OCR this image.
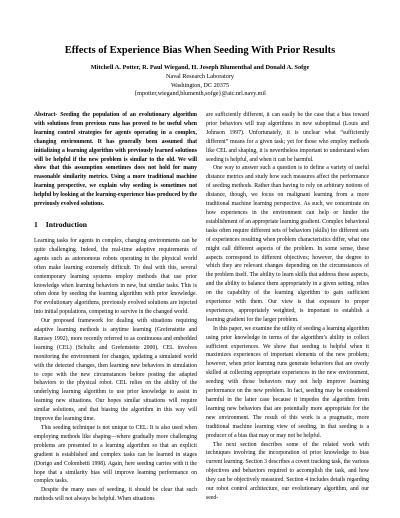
Effects of Experience Bias When Seeding With Prior Results
Mitchell A. Potter, R. Paul Wiegand, H. Joseph Blumenthal and Donald A. Sofge
Naval Research Laboratory
Washington, DC 20375
{mpotter,wiegand,blumenth,sofge}@aic.nrl.navy.mil

Abstract- Seeding the population of an evolutionary algorithm with solutions from previous runs has proved to be useful when learning control strategies for agents operating in a complex, changing environment. It has generally been assumed that initializing a learning algorithm with previously learned solutions will be helpful if the new problem is similar to the old. We will show that this assumption sometimes does not hold for many reasonable similarity metrics. Using a more traditional machine learning perspective, we explain why seeding is sometimes not helpful by looking at the learning-experience bias produced by the previously evolved solutions.

1 Introduction

Learning tasks for agents in complex, changing environments can be quite challenging. Indeed, the real-time adaptive requirements of agents such as autonomous robots operating in the physical world often make learning extremely difficult. To deal with this, several contemporary learning systems employ methods that use prior knowledge when learning behaviors in new, but similar tasks. This is often done by seeding the learning algorithm with prior knowledge. For evolutionary algorithms, previously evolved solutions are injected into initial populations, competing to survive in the changed world.

Our proposed framework for dealing with situations requiring adaptive learning methods is anytime learning (Grefenstette and Ramsey 1992), more recently referred to as continuous and embedded learning (CEL) (Schultz and Grefenstette 2000). CEL involves monitoring the environment for changes, updating a simulated world with the detected changes, then learning new behaviors in simulation to cope with the new circumstances before posting the adapted behaviors to the physical robot. CEL relies on the ability of the underlying learning algorithm to use prior knowledge to assist in learning new situations. Our hopes similar situations will require similar solutions, and that biasing the algorithm in this way will improve the learning time.

This seeding technique is not unique to CEL. It is also used when employing methods like shaping—where gradually more challenging problems are presented to a learning algorithm so that an explicit gradient is established and complex tasks can be learned in stages (Dorigo and Colombetti 1998). Again, here seeding carries with it the hope that a similarity bias will improve learning performance on complex tasks.

Despite the many uses of seeding, it should be clear that such methods will not always be helpful. When situations

are sufficiently different, it can easily be the case that a bias toward prior behaviors will trap algorithms in new suboptimal (Louis and Johnson 1997). Unfortunately, it is unclear what “sufficiently different” means for a given task; yet for those who employ methods like CEL and shaping, it is nevertheless important to understand when seeding is helpful, and when it can be harmful.

One way to answer such a question is to define a variety of useful distance metrics and study how such measures affect the performance of seeding methods. Rather than having to rely on arbitrary notions of distance, though, we focus on malignant learning from a more traditional machine learning perspective. As such, we concentrate on how experiences in the environment can help or hinder the establishment of an appropriate learning gradient. Complex behavioral tasks often require different sets of behaviors (skills) for different sets of experiences resulting when problem characteristics differ, what one might call different aspects of the problem. In some sense, these aspects correspond to different objectives; however, the degree to which they are relevant changes depending on the circumstances of the problem itself. The ability to learn skills that address these aspects, and the ability to balance them appropriately in a given setting, relies on the capability of the learning algorithm to gain sufficient experience with them. Our view is that exposure to proper experiences, appropriately weighted, is important to establish a learning gradient for the larger problem.

In this paper, we examine the utility of seeding a learning algorithm using prior knowledge in terms of the algorithm’s ability to collect sufficient experiences. We show that seeding is helpful when it maximizes experiences of important elements of the new problem; however, when prior learning runs generate behaviors that are overly skilled at collecting appropriate experiences in the new environment, seeding with those behaviors may not help improve learning performance on the new problem. In fact, seeding may be considered harmful in the latter case because it impedes the algorithm from learning new behaviors that are potentially more appropriate for the new environment. The result of this work is a pragmatic, more traditional machine learning view of seeding, in that seeding is a producer of a bias that may or may not be helpful.

The next section describes some of the related work with techniques involving the incorporation of prior knowledge to bias current learning. Section 3 describes a covert tracking task, the various objectives and behaviors required to accomplish the task, and how they can be objectively measured. Section 4 includes details regarding our robot control architecture, our evolutionary algorithm, and our seed-
